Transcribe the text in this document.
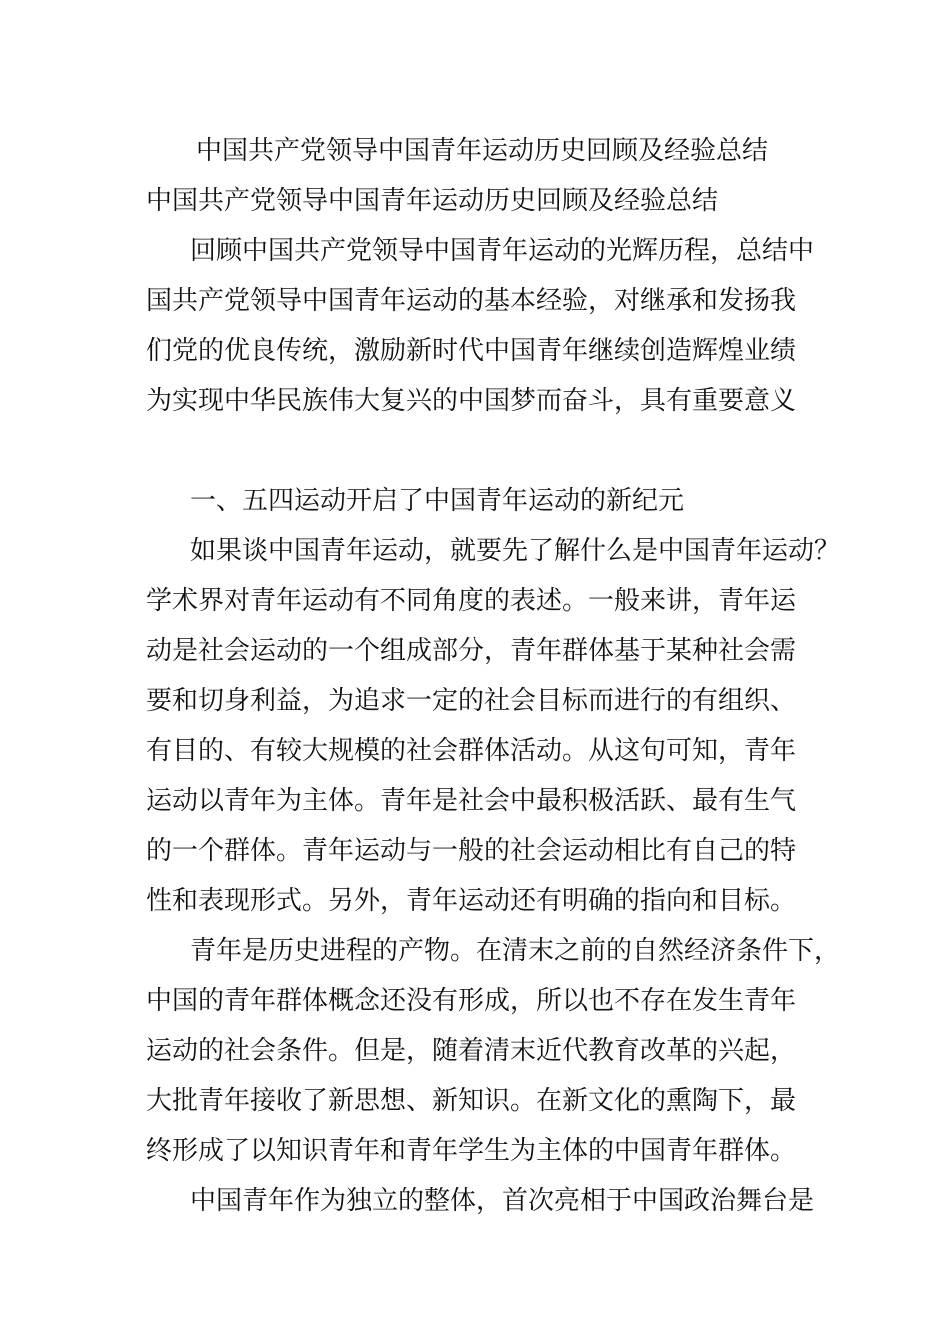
中国共产党领导中国青年运动历史回顾及经验总结
中国共产党领导中国青年运动历史回顾及经验总结
回顾中国共产党领导中国青年运动的光辉历程，总结中
国共产党领导中国青年运动的基本经验，对继承和发扬我
们党的优良传统，激励新时代中国青年继续创造辉煌业绩
为实现中华民族伟大复兴的中国梦而奋斗，具有重要意义
一、五四运动开启了中国青年运动的新纪元
如果谈中国青年运动，就要先了解什么是中国青年运动？
学术界对青年运动有不同角度的表述。一般来讲，青年运
动是社会运动的一个组成部分，青年群体基于某种社会需
要和切身利益，为追求一定的社会目标而进行的有组织、
有目的、有较大规模的社会群体活动。从这句可知，青年
运动以青年为主体。青年是社会中最积极活跃、最有生气
的一个群体。青年运动与一般的社会运动相比有自己的特
性和表现形式。另外，青年运动还有明确的指向和目标。
青年是历史进程的产物。在清末之前的自然经济条件下，
中国的青年群体概念还没有形成，所以也不存在发生青年
运动的社会条件。但是，随着清末近代教育改革的兴起，
大批青年接收了新思想、新知识。在新文化的熏陶下，最
终形成了以知识青年和青年学生为主体的中国青年群体。
中国青年作为独立的整体，首次亮相于中国政治舞台是
